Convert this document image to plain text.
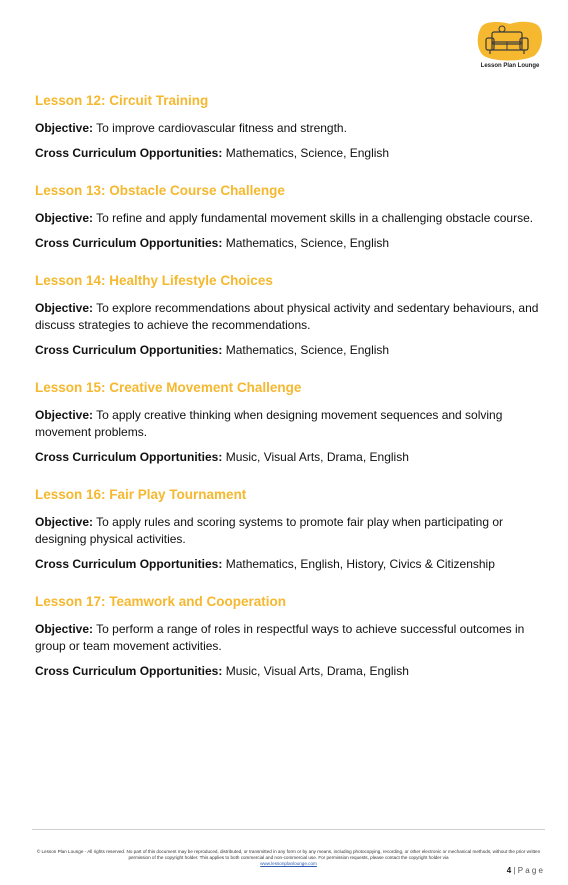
Lesson Plan Lounge
Lesson 12: Circuit Training

Objective: To improve cardiovascular fitness and strength.

Cross Curriculum Opportunities: Mathematics, Science, English

Lesson 13: Obstacle Course Challenge

Objective: To refine and apply fundamental movement skills in a challenging obstacle course.

Cross Curriculum Opportunities: Mathematics, Science, English

Lesson 14: Healthy Lifestyle Choices

Objective: To explore recommendations about physical activity and sedentary behaviours, and discuss strategies to achieve the recommendations.

Cross Curriculum Opportunities: Mathematics, Science, English

Lesson 15: Creative Movement Challenge

Objective: To apply creative thinking when designing movement sequences and solving movement problems.

Cross Curriculum Opportunities: Music, Visual Arts, Drama, English

Lesson 16: Fair Play Tournament

Objective: To apply rules and scoring systems to promote fair play when participating or designing physical activities.

Cross Curriculum Opportunities: Mathematics, English, History, Civics & Citizenship

Lesson 17: Teamwork and Cooperation

Objective: To perform a range of roles in respectful ways to achieve successful outcomes in group or team movement activities.

Cross Curriculum Opportunities: Music, Visual Arts, Drama, English

© Lesson Plan Lounge - All rights reserved. No part of this document may be reproduced, distributed, or transmitted in any form or by any means, including photocopying, recording, or other electronic or mechanical methods, without the prior written permission of the copyright holder. This applies to both commercial and non-commercial use. For permission requests, please contact the copyright holder via
www.lessonplanlounge.com
4 | P a g e
